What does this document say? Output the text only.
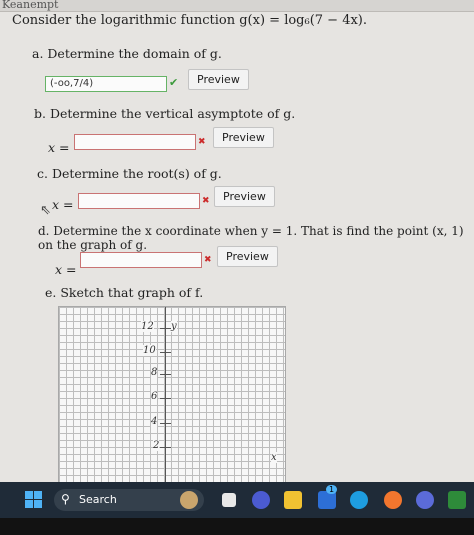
Keanempt
Consider the logarithmic function g(x) = log₆(7 − 4x).
a. Determine the domain of g.
(-oo,7/4)	✔	Preview
b. Determine the vertical asymptote of g.
x =	✖	Preview
c. Determine the root(s) of g.
⇖ x =	✖	Preview
d. Determine the x coordinate when y = 1. That is find the point (x, 1) on the graph of g.
x =
✖	Preview
e. Sketch that graph of f.
y
12
10
8
6
4
2
x
⚲ Search
1
